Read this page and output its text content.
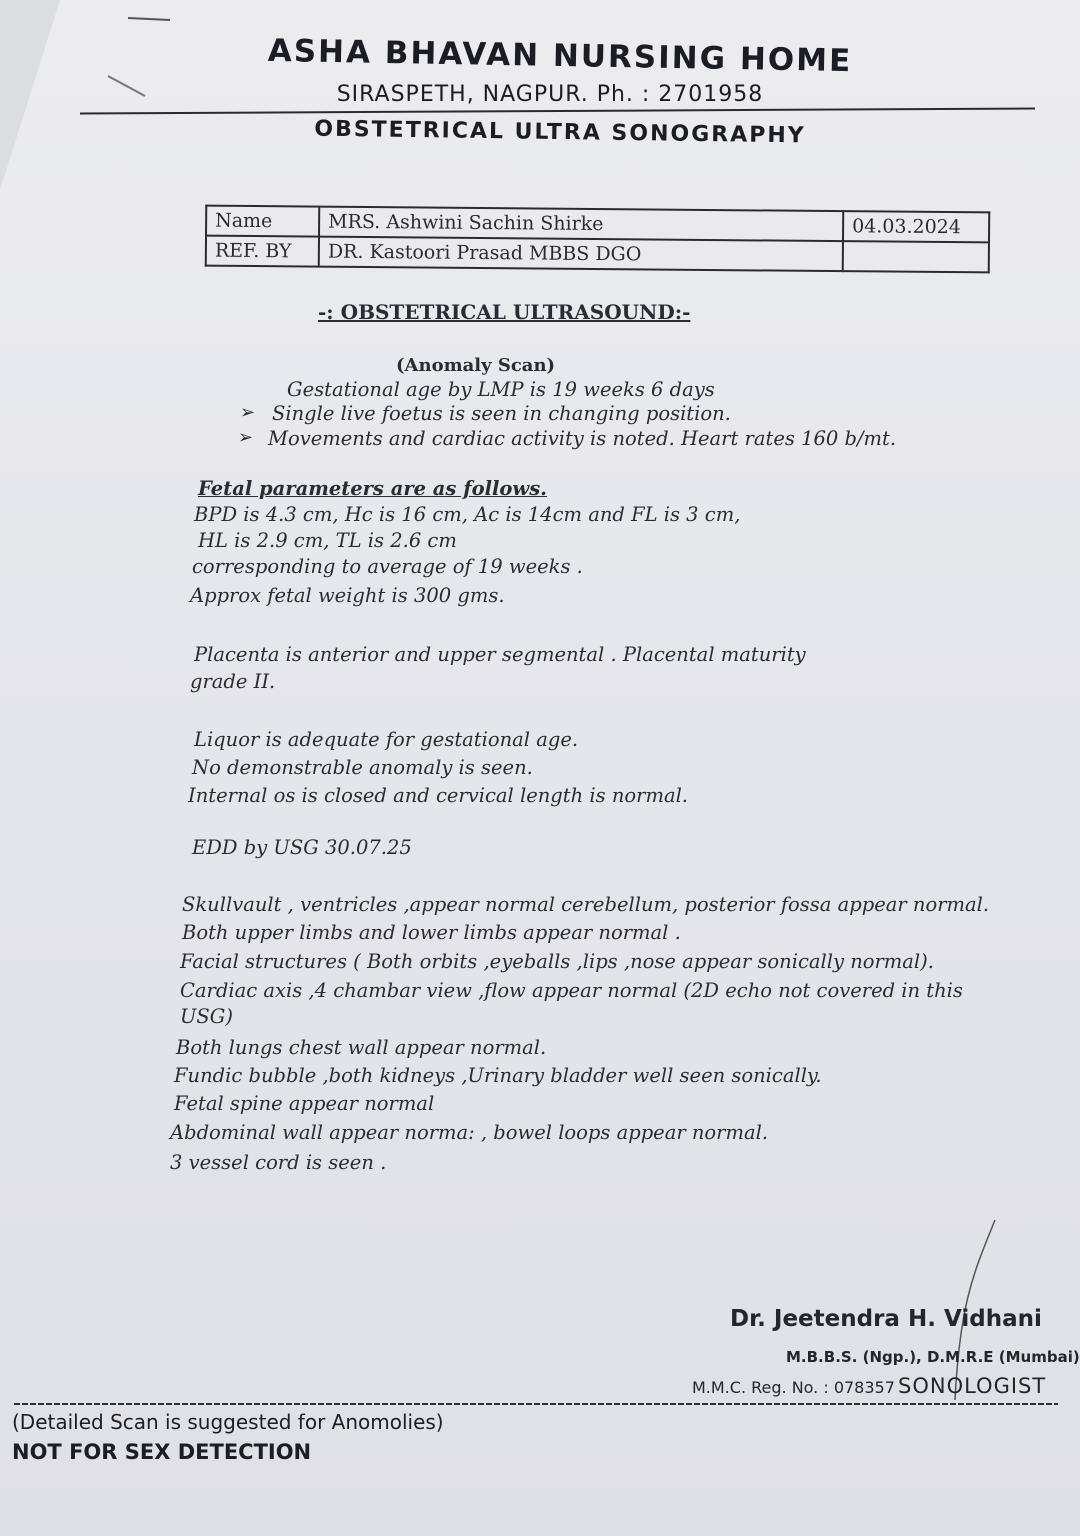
ASHA BHAVAN NURSING HOME
SIRASPETH, NAGPUR. Ph. : 2701958
OBSTETRICAL ULTRA SONOGRAPHY
Name	MRS. Ashwini Sachin Shirke	04.03.2024
REF. BY	DR. Kastoori Prasad MBBS DGO	
-: OBSTETRICAL ULTRASOUND:-
(Anomaly Scan)
Gestational age by LMP is 19 weeks 6 days
➢ Single live foetus is seen in changing position.
➢ Movements and cardiac activity is noted. Heart rates 160 b/mt.
Fetal parameters are as follows.
BPD is 4.3 cm, Hc is 16 cm, Ac is 14cm and FL is 3 cm,
HL is 2.9 cm, TL is 2.6 cm
corresponding to average of 19 weeks .
Approx fetal weight is 300 gms.
Placenta is anterior and upper segmental . Placental maturity
grade II.
Liquor is adequate for gestational age.
No demonstrable anomaly is seen.
Internal os is closed and cervical length is normal.
EDD by USG 30.07.25
Skullvault , ventricles ,appear normal cerebellum, posterior fossa appear normal.
Both upper limbs and lower limbs appear normal .
Facial structures ( Both orbits ,eyeballs ,lips ,nose appear sonically normal).
Cardiac axis ,4 chambar view ,flow appear normal (2D echo not covered in this
USG)
Both lungs chest wall appear normal.
Fundic bubble ,both kidneys ,Urinary bladder well seen sonically.
Fetal spine appear normal
Abdominal wall appear norma: , bowel loops appear normal.
3 vessel cord is seen .
Dr. Jeetendra H. Vidhani
M.B.B.S. (Ngp.), D.M.R.E (Mumbai)
M.M.C. Reg. No. : 078357 SONOLOGIST
(Detailed Scan is suggested for Anomolies)
NOT FOR SEX DETECTION
